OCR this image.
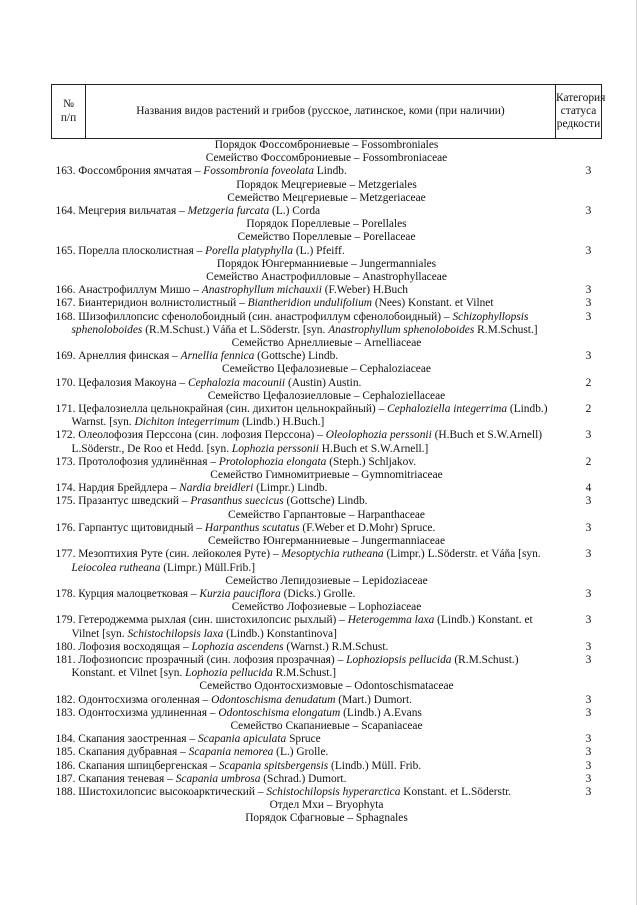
№
п/п	Названия видов растений и грибов (русское, латинское, коми (при наличии)	Категория
статуса
редкости
Порядок Фоссомброниевые – Fossombroniales		
Семейство Фоссомброниевые – Fossombroniaceae		

163. Фоссомброния ямчатая – Fossombronia foveolata Lindb.		3
Порядок Мецгериевые – Metzgeriales		
Семейство Мецгериевые – Metzgeriaceae		

164. Мецгерия вильчатая – Metzgeria furcata (L.) Corda		3
Порядок Пореллевые – Porellales		
Семейство Пореллевые – Porellaceae		

165. Порелла плосколистная – Porella platyphylla (L.) Pfeiff.		3
Порядок Юнгерманниевые – Jungermanniales		
Семейство Анастрофилловые – Anastrophyllaceae		

166. Анастрофиллум Мишо – Anastrophyllum michauxii (F.Weber) H.Buch		3

167. Биантеридион волнистолистный – Biantheridion undulifolium (Nees) Konstant. et Vilnet		3

168. Шизофиллопсис сфенолобоидный (син. анастрофиллум сфенолобоидный) – Schizophyllopsis sphenoloboides (R.M.Schust.) Váňa et L.Söderstr. [syn. Anastrophyllum sphenoloboides R.M.Schust.]		3
Семейство Арнеллиевые – Arnelliaceae		

169. Арнеллия финская – Arnellia fennica (Gottsche) Lindb.		3
Семейство Цефалозиевые – Cephaloziaceae		

170. Цефалозия Макоуна – Cephalozia macounii (Austin) Austin.		2
Семейство Цефалозиелловые – Cephaloziellaceae		

171. Цефалозиелла цельнокрайная (син. дихитон цельнокрайный) – Cephaloziella integerrima (Lindb.) Warnst. [syn. Dichiton integerrimum (Lindb.) H.Buch.]		2

172. Олеолофозия Перссона (син. лофозия Перссона) – Oleolophozia perssonii (H.Buch et S.W.Arnell) L.Söderstr., De Roo et Hedd. [syn. Lophozia perssonii H.Buch et S.W.Arnell.]		3

173. Протолофозия удлинённая – Protolophozia elongata (Steph.) Schljakov.		2
Семейство Гимномитриевые – Gymnomitriaceae		

174. Нардия Брейдлера – Nardia breidleri (Limpr.) Lindb.		4

175. Празантус шведский – Prasanthus suecicus (Gottsche) Lindb.		3
Семейство Гарпантовые – Harpanthaceae		

176. Гарпантус щитовидный – Harpanthus scutatus (F.Weber et D.Mohr) Spruce.		3
Семейство Юнгерманниевые – Jungermanniaceae		

177. Мезоптихия Руте (син. лейоколея Руте) – Mesoptychia rutheana (Limpr.) L.Söderstr. et Váňa [syn. Leiocolea rutheana (Limpr.) Müll.Frib.]		3
Семейство Лепидозиевые – Lepidoziaceae		

178. Курция малоцветковая – Kurzia pauciflora (Dicks.) Grolle.		3
Семейство Лофозиевые – Lophoziaceae		

179. Гетероджемма рыхлая (син. шистохилопсис рыхлый) – Heterogemma laxa (Lindb.) Konstant. et Vilnet [syn. Schistochilopsis laxa (Lindb.) Konstantinova]		3

180. Лофозия восходящая – Lophozia ascendens (Warnst.) R.M.Schust.		3

181. Лофозиопсис прозрачный (син. лофозия прозрачная) – Lophoziopsis pellucida (R.M.Schust.) Konstant. et Vilnet [syn. Lophozia pellucida R.M.Schust.]		3
Семейство Одонтосхизмовые – Odontoschismataceae		

182. Одонтосхизма оголенная – Odontoschisma denudatum (Mart.) Dumort.		3

183. Одонтосхизма удлиненная – Odontoschisma elongatum (Lindb.) A.Evans		3
Семейство Скапаниевые – Scapaniaceae		

184. Скапания заостренная – Scapania apiculata Spruce		3

185. Скапания дубравная – Scapania nemorea (L.) Grolle.		3

186. Скапания шпицбергенская – Scapania spitsbergensis (Lindb.) Müll. Frib.		3

187. Скапания теневая – Scapania umbrosa (Schrad.) Dumort.		3

188. Шистохилопсис высокоарктический – Schistochilopsis hyperarctica Konstant. et L.Söderstr.		3
Отдел Мхи – Bryophyta		
Порядок Сфагновые – Sphagnales		
